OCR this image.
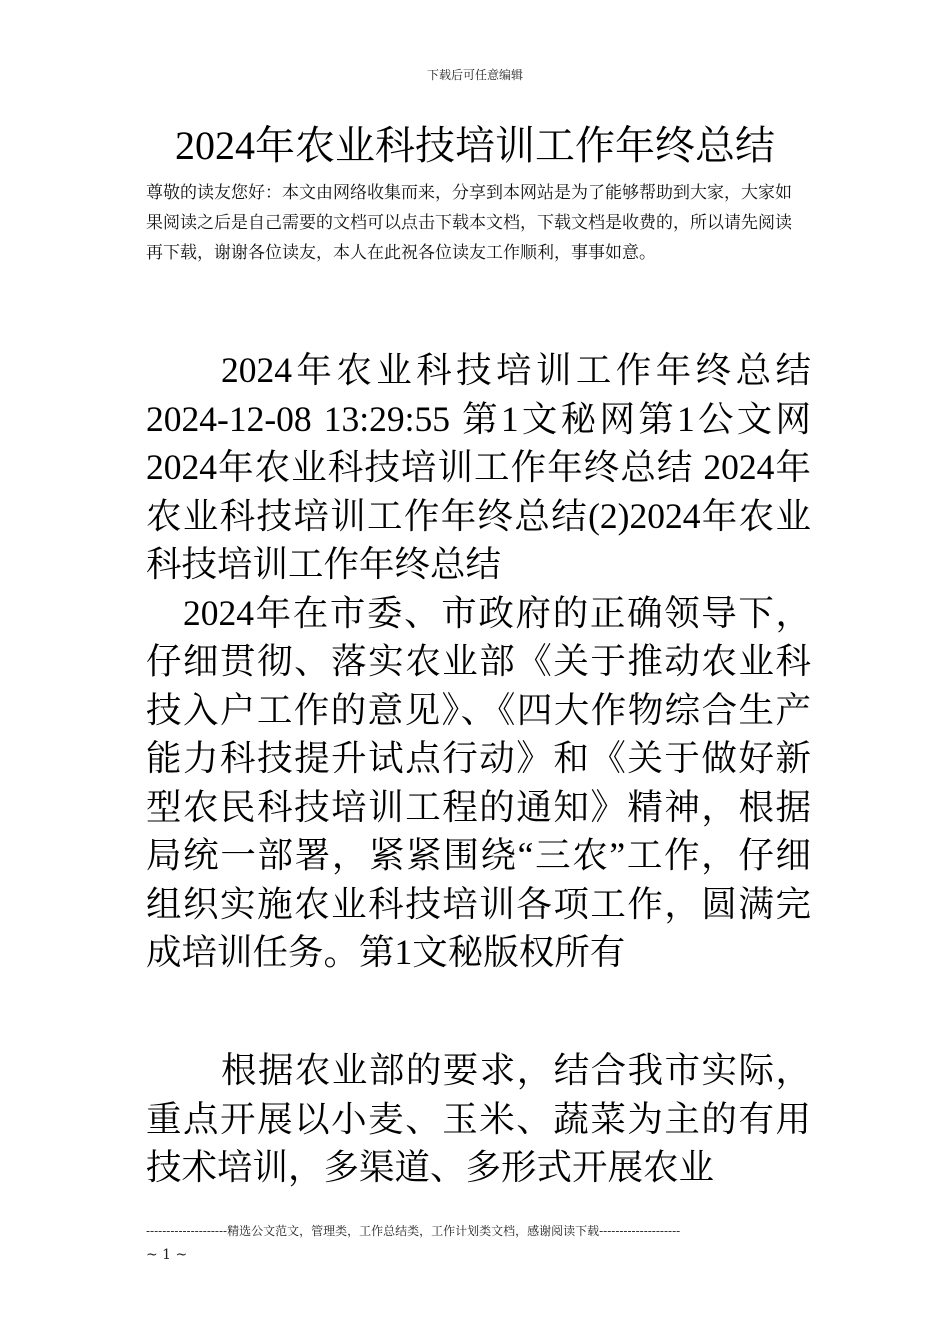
下载后可任意编辑
2024年农业科技培训工作年终总结
尊敬的读友您好：本文由网络收集而来，分享到本网站是为了能够帮助到大家，大家如果阅读之后是自己需要的文档可以点击下载本文档，下载文档是收费的，所以请先阅读再下载，谢谢各位读友，本人在此祝各位读友工作顺利，事事如意。

2024年农业科技培训工作年终总结 2024-12-08 13:29:55 第1文秘网第1公文网 2024年农业科技培训工作年终总结 2024年农业科技培训工作年终总结(2)2024年农业科技培训工作年终总结

2024年在市委、市政府的正确领导下，仔细贯彻、落实农业部《关于推动农业科技入户工作的意见》、《四大作物综合生产能力科技提升试点行动》和《关于做好新型农民科技培训工程的通知》精神，根据局统一部署，紧紧围绕“三农”工作，仔细组织实施农业科技培训各项工作，圆满完成培训任务。第1文秘版权所有

根据农业部的要求，结合我市实际，重点开展以小麦、玉米、蔬菜为主的有用技术培训，多渠道、多形式开展农业

--------------------精选公文范文，管理类，工作总结类，工作计划类文档，感谢阅读下载--------------------
~ 1 ~
